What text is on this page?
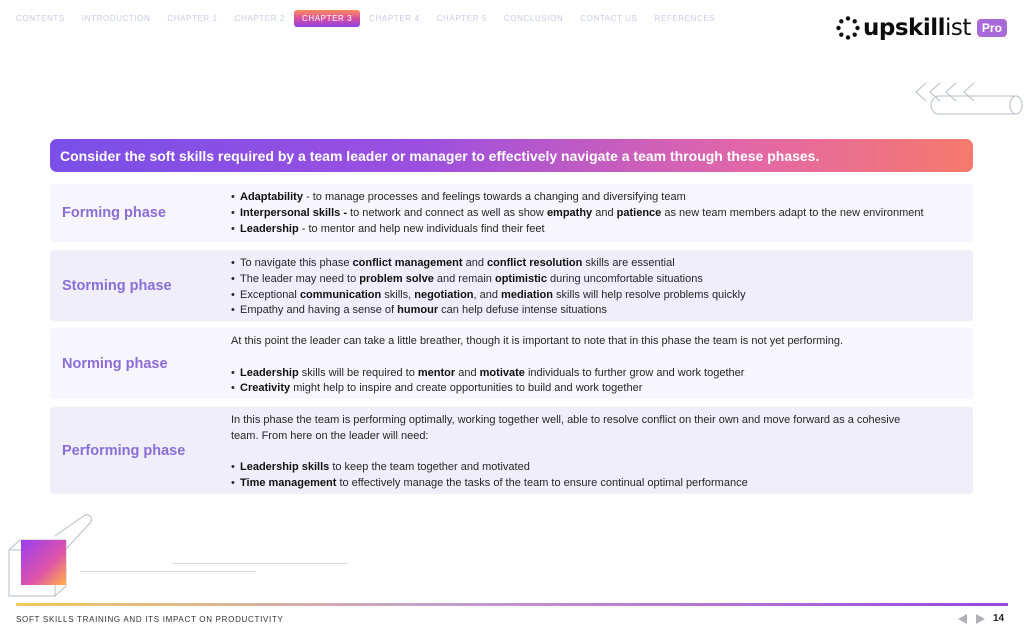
CONTENTS	INTRODUCTION	CHAPTER 1	CHAPTER 2	CHAPTER 3	CHAPTER 4	CHAPTER 5	CONCLUSION	CONTACT US	REFERENCES	upskillist Pro
Consider the soft skills required by a team leader or manager to effectively navigate a team through these phases.
Forming phase
• Adaptability - to manage processes and feelings towards a changing and diversifying team
• Interpersonal skills - to network and connect as well as show empathy and patience as new team members adapt to the new environment
• Leadership - to mentor and help new individuals find their feet
Storming phase
• To navigate this phase conflict management and conflict resolution skills are essential
• The leader may need to problem solve and remain optimistic during uncomfortable situations
• Exceptional communication skills, negotiation, and mediation skills will help resolve problems quickly
• Empathy and having a sense of humour can help defuse intense situations
Norming phase
At this point the leader can take a little breather, though it is important to note that in this phase the team is not yet performing.
• Leadership skills will be required to mentor and motivate individuals to further grow and work together
• Creativity might help to inspire and create opportunities to build and work together
Performing phase
In this phase the team is performing optimally, working together well, able to resolve conflict on their own and move forward as a cohesive
team. From here on the leader will need:
• Leadership skills to keep the team together and motivated
• Time management to effectively manage the tasks of the team to ensure continual optimal performance
SOFT SKILLS TRAINING AND ITS IMPACT ON PRODUCTIVITY	14
